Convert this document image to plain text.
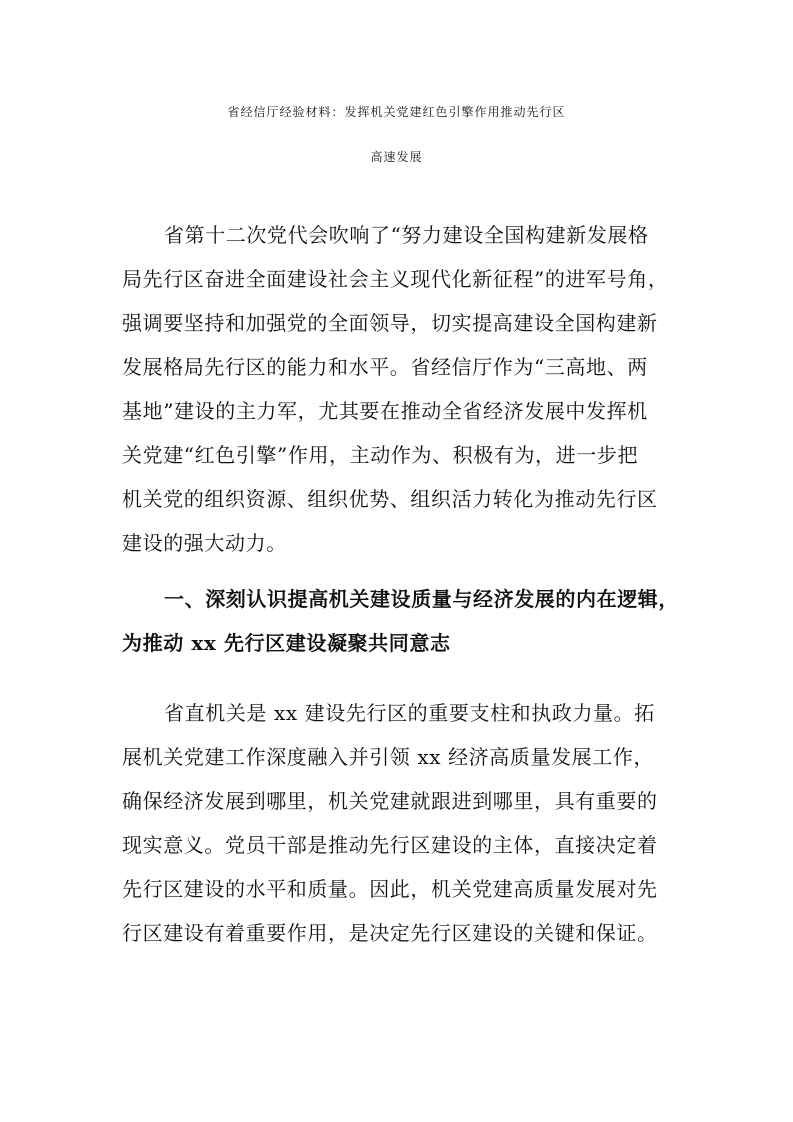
省经信厅经验材料：发挥机关党建红色引擎作用推动先行区
高速发展
省第十二次党代会吹响了“努力建设全国构建新发展格
局先行区奋进全面建设社会主义现代化新征程”的进军号角，
强调要坚持和加强党的全面领导，切实提高建设全国构建新
发展格局先行区的能力和水平。省经信厅作为“三高地、两
基地”建设的主力军，尤其要在推动全省经济发展中发挥机
关党建“红色引擎”作用，主动作为、积极有为，进一步把
机关党的组织资源、组织优势、组织活力转化为推动先行区
建设的强大动力。
一、深刻认识提高机关建设质量与经济发展的内在逻辑，
为推动 xx 先行区建设凝聚共同意志
省直机关是 xx 建设先行区的重要支柱和执政力量。拓
展机关党建工作深度融入并引领 xx 经济高质量发展工作，
确保经济发展到哪里，机关党建就跟进到哪里，具有重要的
现实意义。党员干部是推动先行区建设的主体，直接决定着
先行区建设的水平和质量。因此，机关党建高质量发展对先
行区建设有着重要作用，是决定先行区建设的关键和保证。
